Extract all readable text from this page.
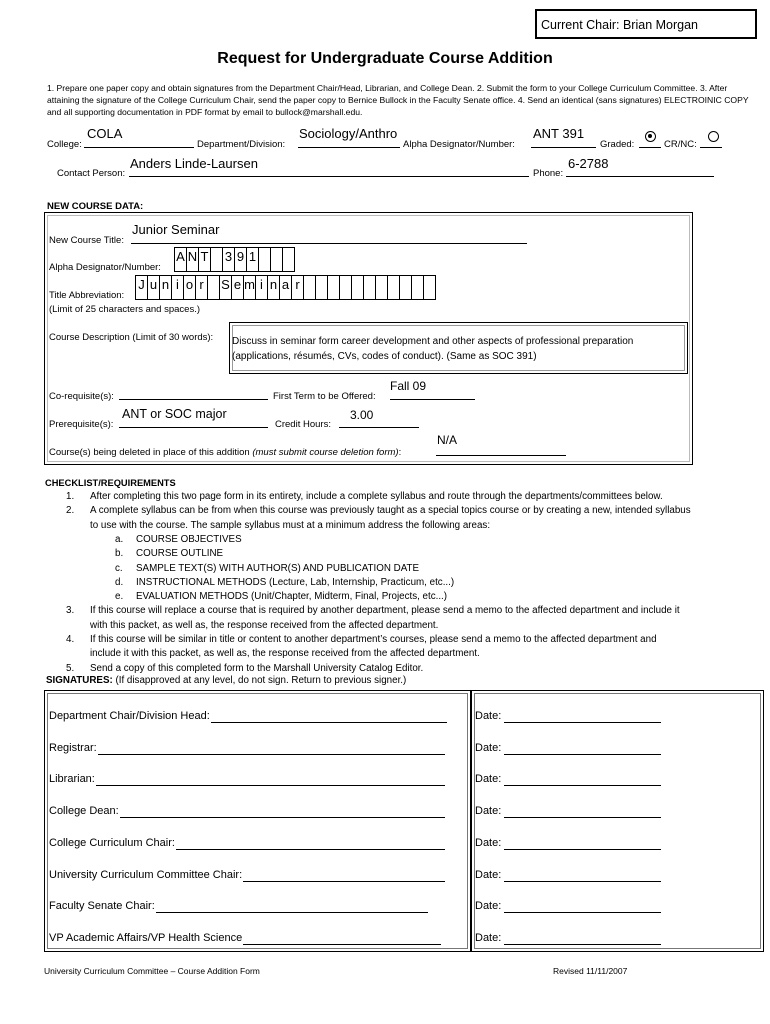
Current Chair: Brian Morgan
Request for Undergraduate Course Addition
1. Prepare one paper copy and obtain signatures from the Department Chair/Head, Librarian, and College Dean. 2. Submit the form to your College Curriculum Committee. 3. After attaining the signature of the College Curriculum Chair, send the paper copy to Bernice Bullock in the Faculty Senate office. 4. Send an identical (sans signatures) ELECTROINIC COPY and all supporting documentation in PDF format by email to bullock@marshall.edu.
College:
COLA
Department/Division:
Sociology/Anthro
Alpha Designator/Number:
ANT 391
Graded:	CR/NC:
Contact Person:
Anders Linde-Laursen
Phone:
6-2788
NEW COURSE DATA:
New Course Title:
Junior Seminar
Alpha Designator/Number:
A N T 3 9 1
Title Abbreviation:
J u n i o r	S e m i n a r
(Limit of 25 characters and spaces.)
Course Description (Limit of 30 words):	Discuss in seminar form career development and other aspects of professional preparation (applications, résumés, CVs, codes of conduct). (Same as SOC 391)
Co-requisite(s):	First Term to be Offered:
Fall 09
Prerequisite(s):
ANT or SOC major
Credit Hours:
3.00
Course(s) being deleted in place of this addition (must submit course deletion form):
N/A
CHECKLIST/REQUIREMENTS
1. After completing this two page form in its entirety, include a complete syllabus and route through the departments/committees below.
2. A complete syllabus can be from when this course was previously taught as a special topics course or by creating a new, intended syllabus
to use with the course. The sample syllabus must at a minimum address the following areas:
a. COURSE OBJECTIVES
b. COURSE OUTLINE
c. SAMPLE TEXT(S) WITH AUTHOR(S) AND PUBLICATION DATE
d. INSTRUCTIONAL METHODS (Lecture, Lab, Internship, Practicum, etc...)
e. EVALUATION METHODS (Unit/Chapter, Midterm, Final, Projects, etc...)
3. If this course will replace a course that is required by another department, please send a memo to the affected department and include it
with this packet, as well as, the response received from the affected department.
4. If this course will be similar in title or content to another department’s courses, please send a memo to the affected department and
include it with this packet, as well as, the response received from the affected department.
5. Send a copy of this completed form to the Marshall University Catalog Editor.
SIGNATURES: (If disapproved at any level, do not sign. Return to previous signer.)
Department Chair/Division Head:	Date:
Registrar:	Date:
Librarian:	Date:
College Dean:	Date:
College Curriculum Chair:	Date:
University Curriculum Committee Chair:	Date:
Faculty Senate Chair:	Date:
VP Academic Affairs/VP Health Science	Date:
University Curriculum Committee – Course Addition Form	Revised 11/11/2007
